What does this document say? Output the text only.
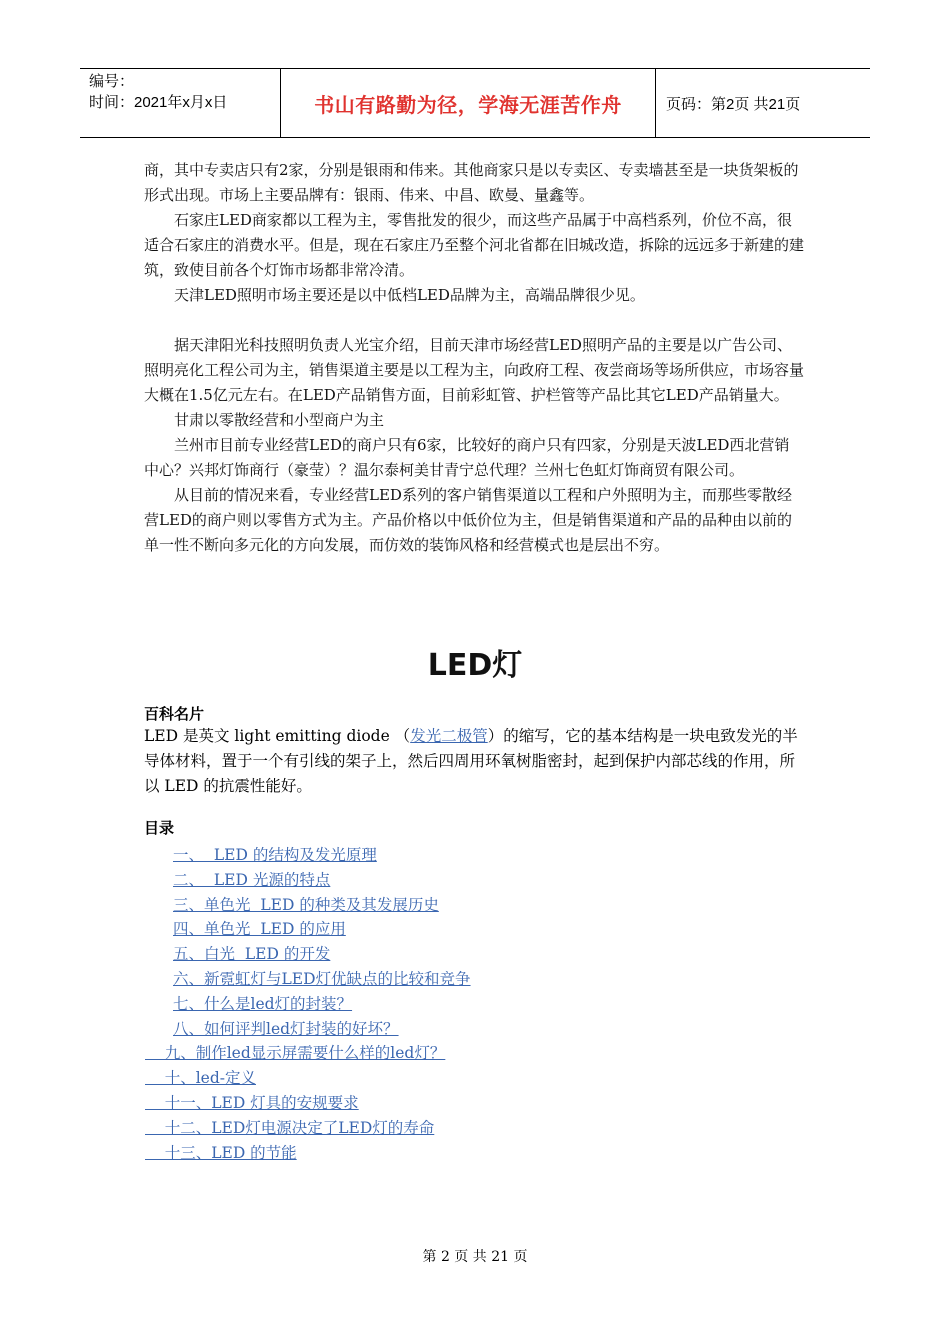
编号：
时间：2021年x月x日	书山有路勤为径，学海无涯苦作舟	页码：第2页 共21页

商，其中专卖店只有2家，分别是银雨和伟来。其他商家只是以专卖区、专卖墙甚至是一块货架板的形式出现。市场上主要品牌有：银雨、伟来、中昌、欧曼、量鑫等。

石家庄LED商家都以工程为主，零售批发的很少，而这些产品属于中高档系列，价位不高，很适合石家庄的消费水平。但是，现在石家庄乃至整个河北省都在旧城改造，拆除的远远多于新建的建筑，致使目前各个灯饰市场都非常冷清。

天津LED照明市场主要还是以中低档LED品牌为主，高端品牌很少见。

据天津阳光科技照明负责人光宝介绍，目前天津市场经营LED照明产品的主要是以广告公司、照明亮化工程公司为主，销售渠道主要是以工程为主，向政府工程、夜尝商场等场所供应，市场容量大概在1.5亿元左右。在LED产品销售方面，目前彩虹管、护栏管等产品比其它LED产品销量大。

甘肃以零散经营和小型商户为主

兰州市目前专业经营LED的商户只有6家，比较好的商户只有四家，分别是天波LED西北营销中心？兴邦灯饰商行（豪莹）？温尔泰柯美甘青宁总代理？兰州七色虹灯饰商贸有限公司。

从目前的情况来看，专业经营LED系列的客户销售渠道以工程和户外照明为主，而那些零散经营LED的商户则以零售方式为主。产品价格以中低价位为主，但是销售渠道和产品的品种由以前的单一性不断向多元化的方向发展，而仿效的装饰风格和经营模式也是层出不穷。

LED灯
百科名片
LED 是英文 light emitting diode （发光二极管）的缩写，它的基本结构是一块电致发光的半导体材料，置于一个有引线的架子上，然后四周用环氧树脂密封，起到保护内部芯线的作用，所以 LED 的抗震性能好。
目录
一、  LED 的结构及发光原理
二、  LED 光源的特点
三、单色光  LED 的种类及其发展历史
四、单色光  LED 的应用
五、白光  LED 的开发
六、新霓虹灯与LED灯优缺点的比较和竞争
七、什么是led灯的封装？
八、如何评判led灯封装的好坏？
九、制作led显示屏需要什么样的led灯？
十、led-定义
十一、LED 灯具的安规要求
十二、LED灯电源决定了LED灯的寿命
十三、LED 的节能
第 2 页 共 21 页
